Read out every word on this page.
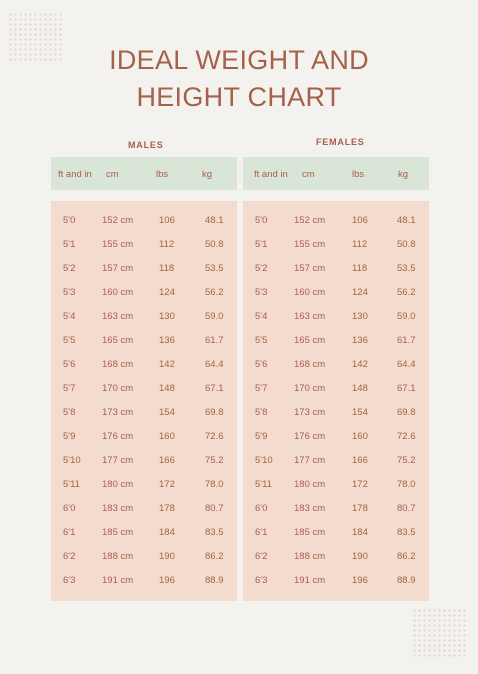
IDEAL WEIGHT AND
HEIGHT CHART
MALES	FEMALES
ft and in cm	lbs	kg
5'0	152 cm	106	48.1
5'1	155 cm	112	50.8
5'2	157 cm	118	53.5
5'3	160 cm	124	56.2
5'4	163 cm	130	59.0
5'5	165 cm	136	61.7
5'6	168 cm	142	64.4
5'7	170 cm	148	67.1
5'8	173 cm	154	69.8
5'9	176 cm	160	72.6
5'10 177 cm	166	75.2
5'11 180 cm	172	78.0
6'0	183 cm	178	80.7
6'1	185 cm	184	83.5
6'2	188 cm	190	86.2
6'3	191 cm	196	88.9
ft and in cm	lbs	kg
5'0	152 cm	106	48.1
5'1	155 cm	112	50.8
5'2	157 cm	118	53.5
5'3	160 cm	124	56.2
5'4	163 cm	130	59.0
5'5	165 cm	136	61.7
5'6	168 cm	142	64.4
5'7	170 cm	148	67.1
5'8	173 cm	154	69.8
5'9	176 cm	160	72.6
5'10 177 cm	166	75.2
5'11 180 cm	172	78.0
6'0	183 cm	178	80.7
6'1	185 cm	184	83.5
6'2	188 cm	190	86.2
6'3	191 cm	196	88.9
